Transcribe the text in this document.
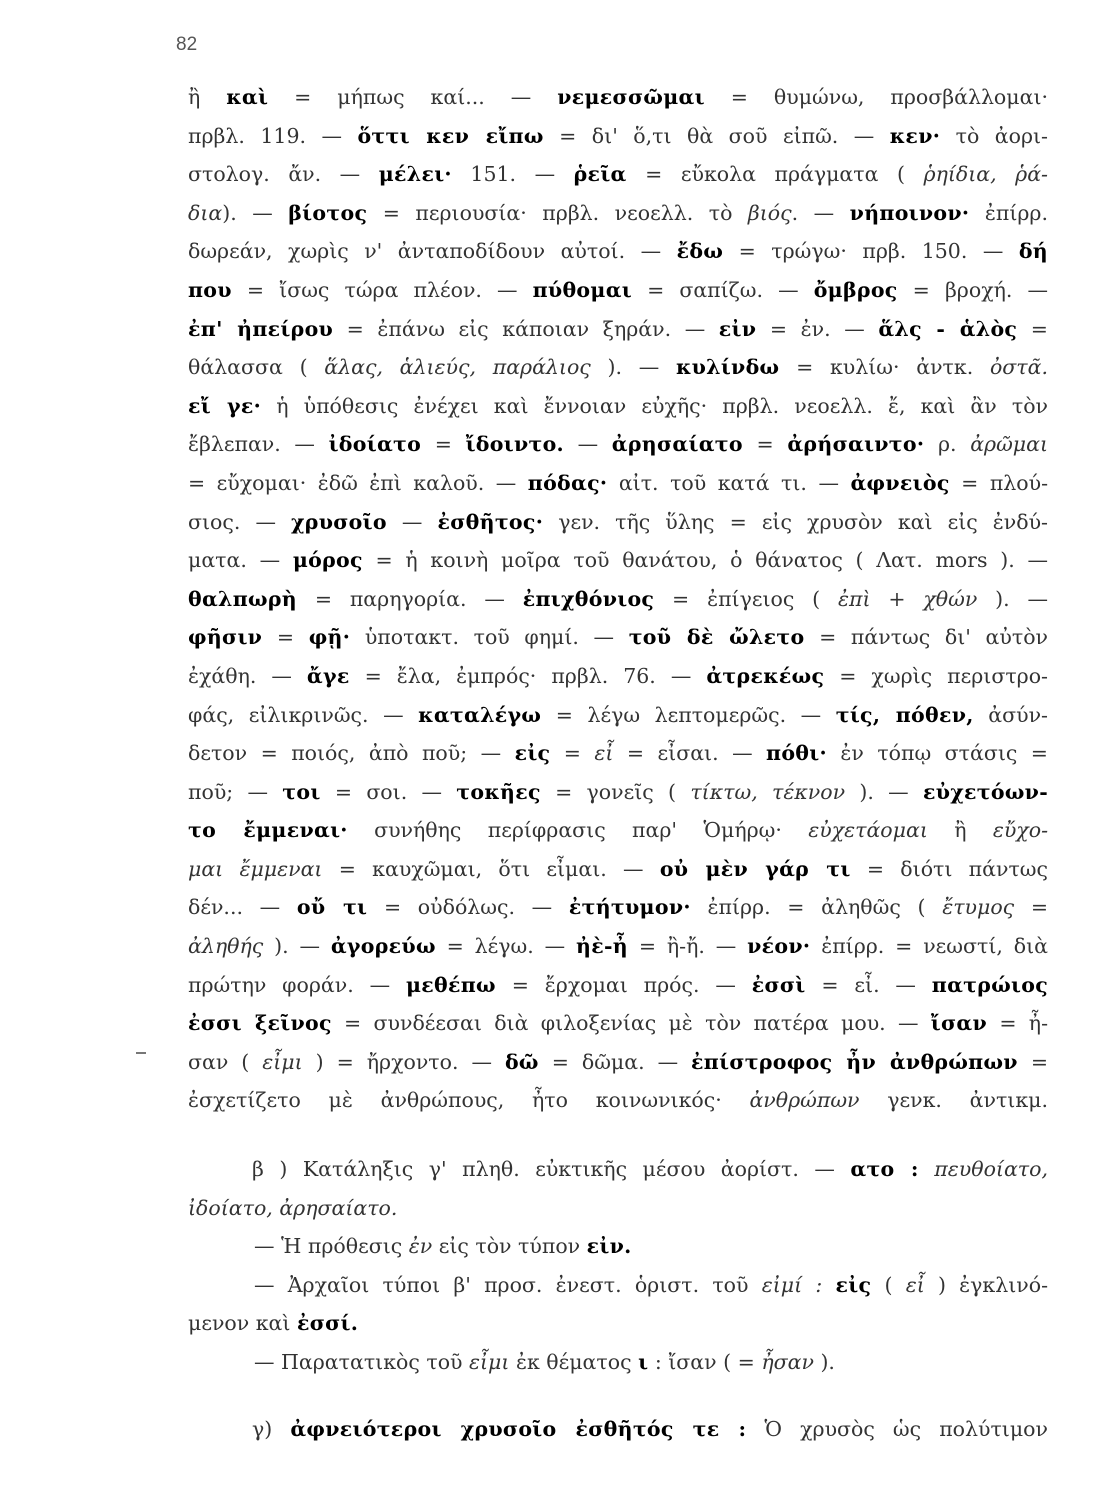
82
ἢ καὶ = μήπως καί... — νεμεσσῶμαι = θυμώνω, προσβάλλομαι·
πρβλ. 119. — ὅττι κεν εἴπω = δι' ὅ,τι θὰ σοῦ εἰπῶ. — κεν· τὸ ἀορι-
στολογ. ἄν. — μέλει· 151. — ῥεῖα = εὔκολα πράγματα ( ῥηίδια, ῥά-
δια). — βίοτος = περιουσία· πρβλ. νεοελλ. τὸ βιός. — νήποινον· ἐπίρρ.
δωρεάν, χωρὶς ν' ἀνταποδίδουν αὐτοί. — ἔδω = τρώγω· πρβ. 150. — δή
που = ἴσως τώρα πλέον. — πύθομαι = σαπίζω. — ὄμβρος = βροχή. —
ἐπ' ἠπείρου = ἐπάνω εἰς κάποιαν ξηράν. — εἰν = ἐν. — ἅλς - ἁλὸς =
θάλασσα ( ἅλας, ἁλιεύς, παράλιος ). — κυλίνδω = κυλίω· ἀντκ. ὀστᾶ.
εἴ γε· ἡ ὑπόθεσις ἐνέχει καὶ ἔννοιαν εὐχῆς· πρβλ. νεοελλ. ἔ, καὶ ἂν τὸν
ἔβλεπαν. — ἰδοίατο = ἴδοιντο. — ἀρησαίατο = ἀρήσαιντο· ρ. ἀρῶμαι
= εὔχομαι· ἐδῶ ἐπὶ καλοῦ. — πόδας· αἰτ. τοῦ κατά τι. — ἀφνειὸς = πλού-
σιος. — χρυσοῖο — ἐσθῆτος· γεν. τῆς ὕλης = εἰς χρυσὸν καὶ εἰς ἐνδύ-
ματα. — μόρος = ἡ κοινὴ μοῖρα τοῦ θανάτου, ὁ θάνατος ( Λατ. mors ). —
θαλπωρὴ = παρηγορία. — ἐπιχθόνιος = ἐπίγειος ( ἐπὶ + χθών ). —
φῆσιν = φῇ· ὑποτακτ. τοῦ φημί. — τοῦ δὲ ὤλετο = πάντως δι' αὐτὸν
ἐχάθη. — ἄγε = ἔλα, ἐμπρός· πρβλ. 76. — ἀτρεκέως = χωρὶς περιστρο-
φάς, εἰλικρινῶς. — καταλέγω = λέγω λεπτομερῶς. — τίς, πόθεν, ἀσύν-
δετον = ποιός, ἀπὸ ποῦ; — εἰς = εἶ = εἶσαι. — πόθι· ἐν τόπῳ στάσις =
ποῦ; — τοι = σοι. — τοκῆες = γονεῖς ( τίκτω, τέκνον ). — εὐχετόων-
το ἔμμεναι· συνήθης περίφρασις παρ' Ὁμήρῳ· εὐχετάομαι ἢ εὔχο-
μαι ἔμμεναι = καυχῶμαι, ὅτι εἶμαι. — οὐ μὲν γάρ τι = διότι πάντως
δέν... — οὔ τι = οὐδόλως. — ἐτήτυμον· ἐπίρρ. = ἀληθῶς ( ἔτυμος =
ἀληθής ). — ἀγορεύω = λέγω. — ἠὲ-ἦ = ἢ-ἤ. — νέον· ἐπίρρ. = νεωστί, διὰ
πρώτην φοράν. — μεθέπω = ἔρχομαι πρός. — ἐσσὶ = εἶ. — πατρώιος
ἐσσι ξεῖνος = συνδέεσαι διὰ φιλοξενίας μὲ τὸν πατέρα μου. — ἴσαν = ἦ-
σαν ( εἶμι ) = ἤρχοντο. — δῶ = δῶμα. — ἐπίστροφος ἦν ἀνθρώπων =
ἐσχετίζετο μὲ ἀνθρώπους, ἦτο κοινωνικός· ἀνθρώπων γενκ. ἀντικμ.
β ) Κατάληξις γ' πληθ. εὐκτικῆς μέσου ἀορίστ. — ατο : πευθοίατο,
ἰδοίατο, ἀρησαίατο.
— Ἡ πρόθεσις ἐν εἰς τὸν τύπον εἰν.
— Ἀρχαῖοι τύποι β' προσ. ἐνεστ. ὁριστ. τοῦ εἰμί : εἰς ( εἶ ) ἐγκλινό-
μενον καὶ ἐσσί.
— Παρατατικὸς τοῦ εἶμι ἐκ θέματος ι : ἴσαν ( = ἦσαν ).
γ) ἀφνειότεροι χρυσοῖο ἐσθῆτός τε : Ὁ χρυσὸς ὡς πολύτιμον
